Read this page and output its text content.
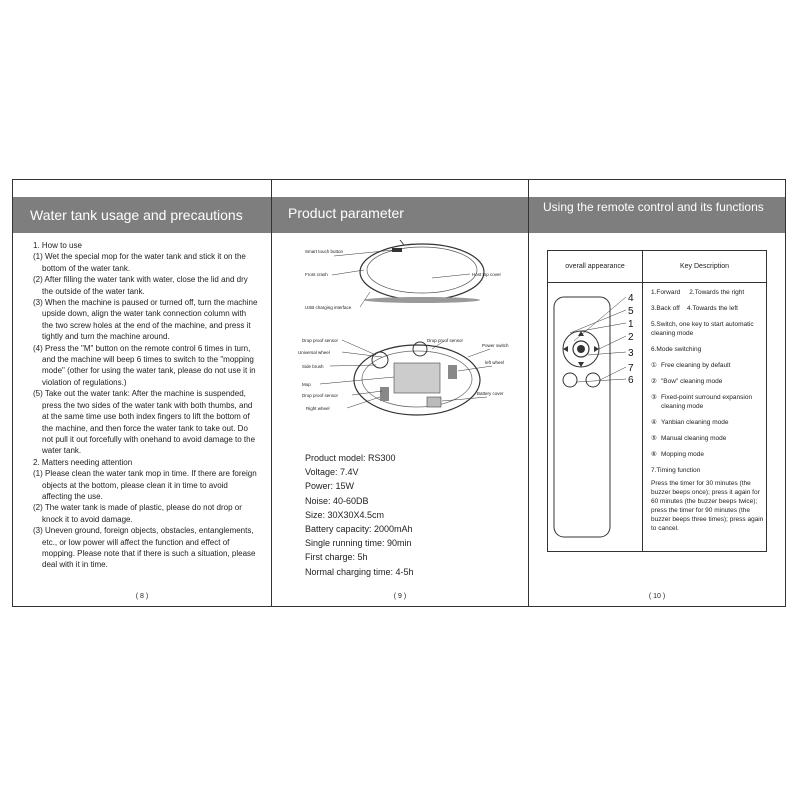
Water tank usage and precautions

1. How to use

(1) Wet the special mop for the water tank and stick it on the bottom of the water tank.

(2) After filling the water tank with water, close the lid and dry the outside of the water tank.

(3) When the machine is paused or turned off, turn the machine upside down, align the water tank connection column with the two screw holes at the end of the machine, and press it tightly and turn the machine around.

(4) Press the "M" button on the remote control 6 times in turn, and the machine will beep 6 times to switch to the "mopping mode" (other for using the water tank, please do not use it in violation of regulations.)

(5) Take out the water tank: After the machine is suspended, press the two sides of the water tank with both thumbs, and at the same time use both index fingers to lift the bottom of the machine, and then force the water tank to take out. Do not pull it out forcefully with onehand to avoid damage to the water tank.

2. Matters needing attention

(1) Please clean the water tank mop in time. If there are foreign objects at the bottom, please clean it in time to avoid affecting the use.

(2) The water tank is made of plastic, please do not drop or knock it to avoid damage.

(3) Uneven ground, foreign objects, obstacles, entanglements, etc., or low power will affect the function and effect of mopping. Please note that if there is such a situation, please deal with it in time.

( 8 )
Product parameter
Smart touch button
Front crash
USB charging interface
Host top cover
Drop proof sensor
Universal wheel
Side brush
Mop
Drop proof sensor
Right wheel
Drop proof sensor
Power switch
left wheel
Battery cover
Product model: RS300
Voltage: 7.4V
Power: 15W
Noise: 40-60DB
Size: 30X30X4.5cm
Battery capacity: 2000mAh
Single running time: 90min
First charge: 5h
Normal charging time: 4-5h
( 9 )
Using the remote control and its functions
overall appearance	Key Description
4
5
1
2
3
7
6
1.Forward 2.Towards the right
3.Back off 4.Towards the left
5.Switch, one key to start automatic cleaning mode
6.Mode switching
① Free cleaning by default
② "Bow" cleaning mode
③ Fixed-point surround expansion cleaning mode
④ Yanbian cleaning mode
⑤ Manual cleaning mode
⑥ Mopping mode
7.Timing function
Press the timer for 30 minutes (the buzzer beeps once); press it again for 60 minutes (the buzzer beeps twice); press the timer for 90 minutes (the buzzer beeps three times); press again to cancel.
( 10 )
